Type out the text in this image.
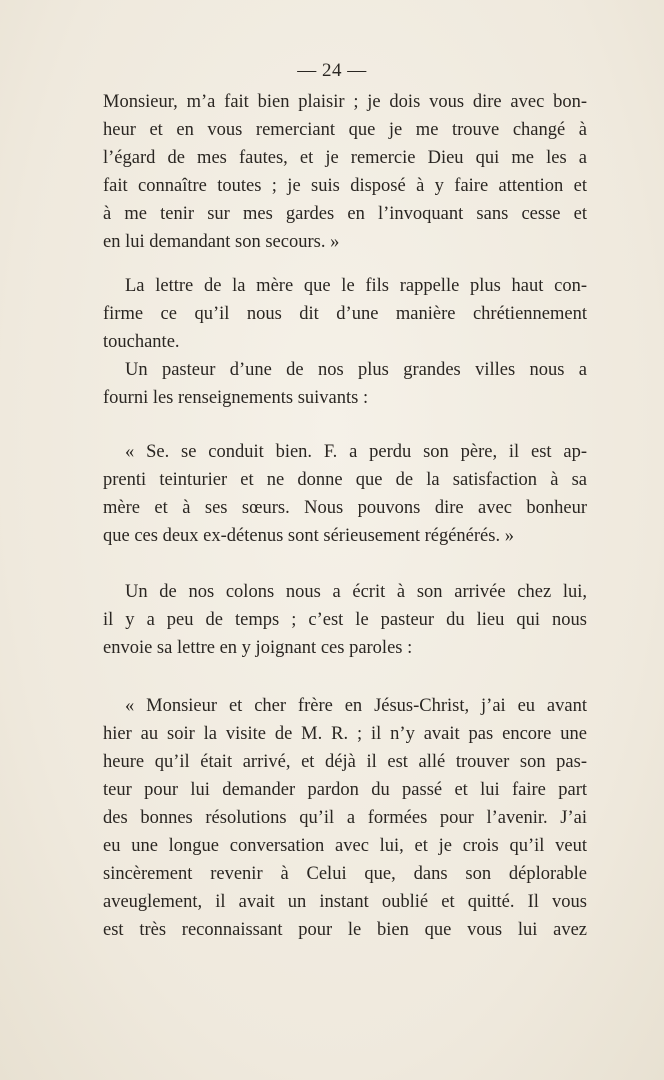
— 24 —
Monsieur, m’a fait bien plaisir ; je dois vous dire avec bon-
heur et en vous remerciant que je me trouve changé à
l’égard de mes fautes, et je remercie Dieu qui me les a
fait connaître toutes ; je suis disposé à y faire attention et
à me tenir sur mes gardes en l’invoquant sans cesse et
en lui demandant son secours. »
La lettre de la mère que le fils rappelle plus haut con-
firme ce qu’il nous dit d’une manière chrétiennement
touchante.
Un pasteur d’une de nos plus grandes villes nous a
fourni les renseignements suivants :
« Se. se conduit bien. F. a perdu son père, il est ap-
prenti teinturier et ne donne que de la satisfaction à sa
mère et à ses sœurs. Nous pouvons dire avec bonheur
que ces deux ex-détenus sont sérieusement régénérés. »
Un de nos colons nous a écrit à son arrivée chez lui,
il y a peu de temps ; c’est le pasteur du lieu qui nous
envoie sa lettre en y joignant ces paroles :
« Monsieur et cher frère en Jésus-Christ, j’ai eu avant
hier au soir la visite de M. R. ; il n’y avait pas encore une
heure qu’il était arrivé, et déjà il est allé trouver son pas-
teur pour lui demander pardon du passé et lui faire part
des bonnes résolutions qu’il a formées pour l’avenir. J’ai
eu une longue conversation avec lui, et je crois qu’il veut
sincèrement revenir à Celui que, dans son déplorable
aveuglement, il avait un instant oublié et quitté. Il vous
est très reconnaissant pour le bien que vous lui avez
